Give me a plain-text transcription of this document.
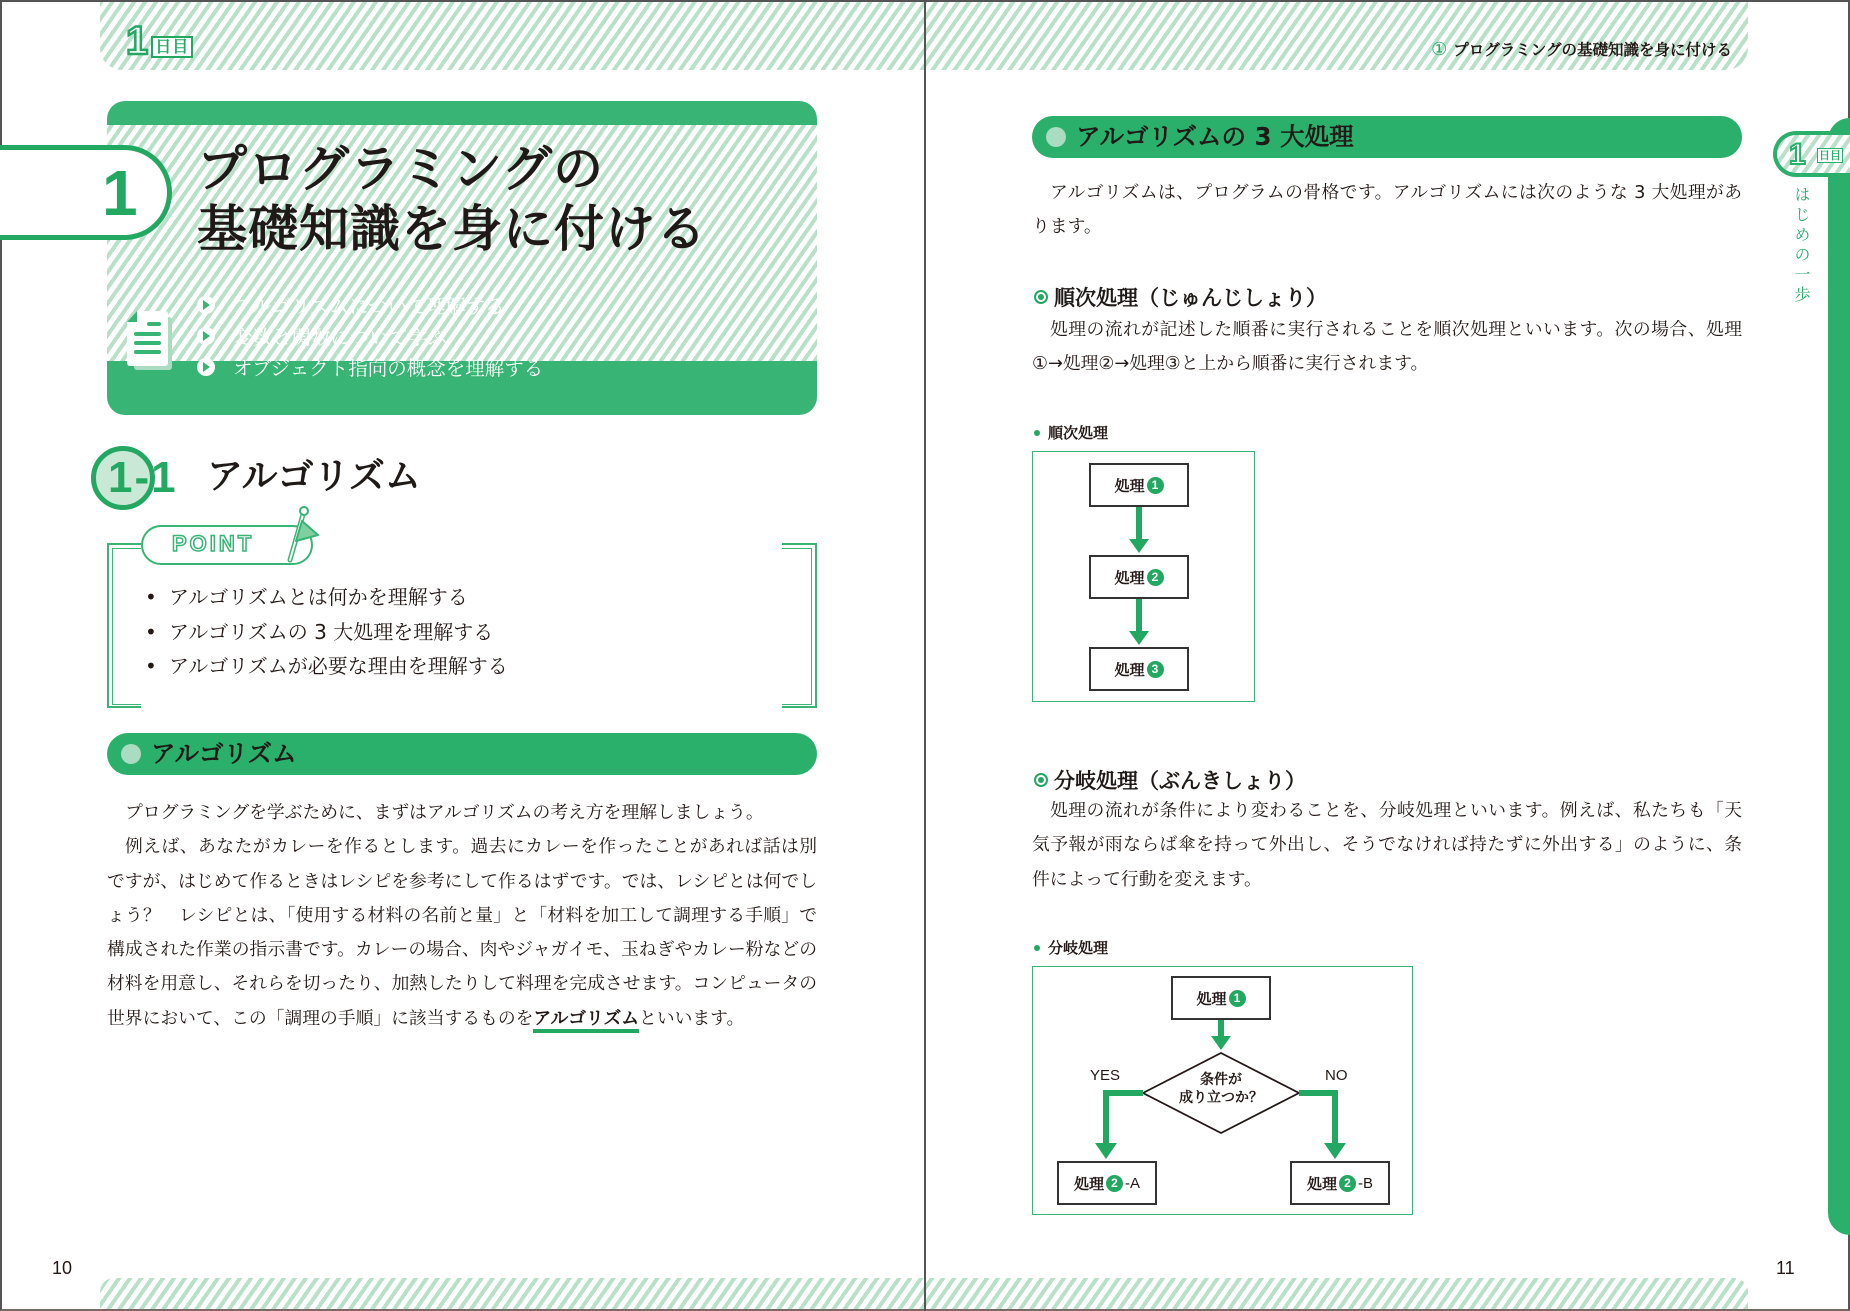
1 日目
プログラミングの
基礎知識を身に付ける
アルゴリズムについて理解する
変数と関数について学ぶ
オブジェクト指向の概念を理解する
1
1-1 アルゴリズム
POINT
• アルゴリズムとは何かを理解する
• アルゴリズムの 3 大処理を理解する
• アルゴリズムが必要な理由を理解する
アルゴリズム

プログラミングを学ぶために、まずはアルゴリズムの考え方を理解しましょう。

例えば、あなたがカレーを作るとします。過去にカレーを作ったことがあれば話は別ですが、はじめて作るときはレシピを参考にして作るはずです。では、レシピとは何でしょう？　レシピとは、「使用する材料の名前と量」と「材料を加工して調理する手順」で構成された作業の指示書です。カレーの場合、肉やジャガイモ、玉ねぎやカレー粉などの材料を用意し、それらを切ったり、加熱したりして料理を完成させます。コンピュータの世界において、この「調理の手順」に該当するものをアルゴリズムといいます。

10
① プログラミングの基礎知識を身に付ける
アルゴリズムの 3 大処理
アルゴリズムは、プログラムの骨格です。アルゴリズムには次のような 3 大処理があります。
順次処理（じゅんじしょり）
処理の流れが記述した順番に実行されることを順次処理といいます。次の場合、処理①→処理②→処理③と上から順番に実行されます。
順次処理
処理 1
処理 2
処理 3
分岐処理（ぶんきしょり）
処理の流れが条件により変わることを、分岐処理といいます。例えば、私たちも「天気予報が雨ならば傘を持って外出し、そうでなければ持たずに外出する」のように、条件によって行動を変えます。
分岐処理
処理 1
条件が
成り立つか？
YES	NO
処理 2 -A	処理 2 -B
1 日目
はじめの一歩
11
